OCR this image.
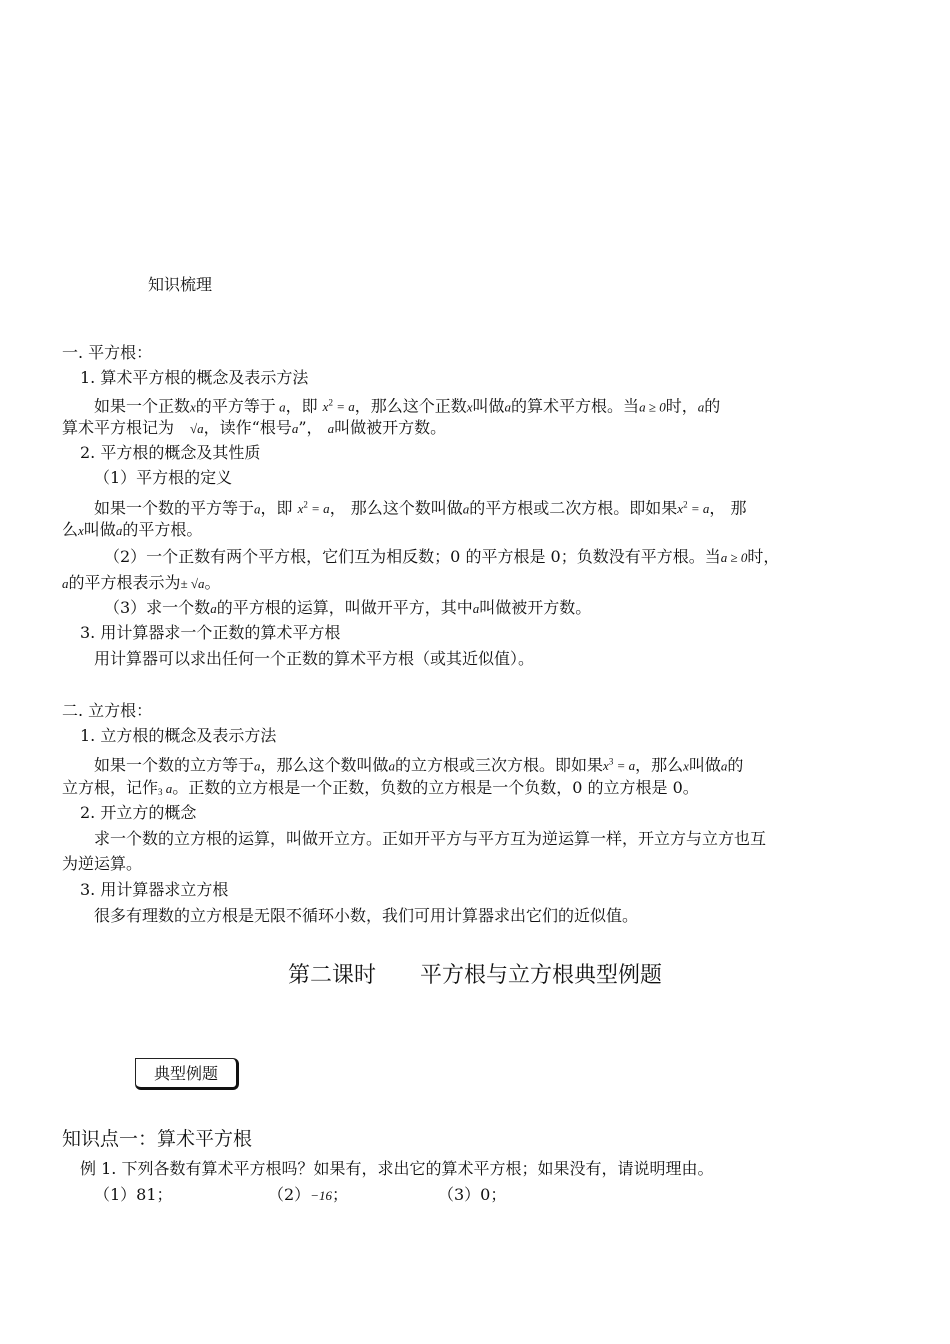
知识梳理
一. 平方根：
1. 算术平方根的概念及表示方法
如果一个正数x的平方等于 a，即 $x^2 = a$，那么这个正数x叫做a的算术平方根。当a ≥ 0时，a的
算术平方根记为　 √a，读作“根号a”， a叫做被开方数。
2. 平方根的概念及其性质
（1）平方根的定义
如果一个数的平方等于a，即 $x^2 = a$， 那么这个数叫做a的平方根或二次方根。即如果$x^2 = a$， 那
么x叫做a的平方根。
（2）一个正数有两个平方根，它们互为相反数；0 的平方根是 0；负数没有平方根。当a ≥ 0时，
a的平方根表示为± √a。
（3）求一个数a的平方根的运算，叫做开平方，其中a叫做被开方数。
3. 用计算器求一个正数的算术平方根
用计算器可以求出任何一个正数的算术平方根（或其近似值）。
二. 立方根：
1. 立方根的概念及表示方法
如果一个数的立方等于a，那么这个数叫做a的立方根或三次方根。即如果$x^3 = a$，那么x叫做a的
立方根，记作3 a。正数的立方根是一个正数，负数的立方根是一个负数，0 的立方根是 0。
2. 开立方的概念
求一个数的立方根的运算，叫做开立方。正如开平方与平方互为逆运算一样，开立方与立方也互
为逆运算。
3. 用计算器求立方根
很多有理数的立方根是无限不循环小数，我们可用计算器求出它们的近似值。
第二课时　　平方根与立方根典型例题
典型例题
知识点一：算术平方根
例 1. 下列各数有算术平方根吗？如果有，求出它的算术平方根；如果没有，请说明理由。
（1）81；	（2）−16；	（3）0；
